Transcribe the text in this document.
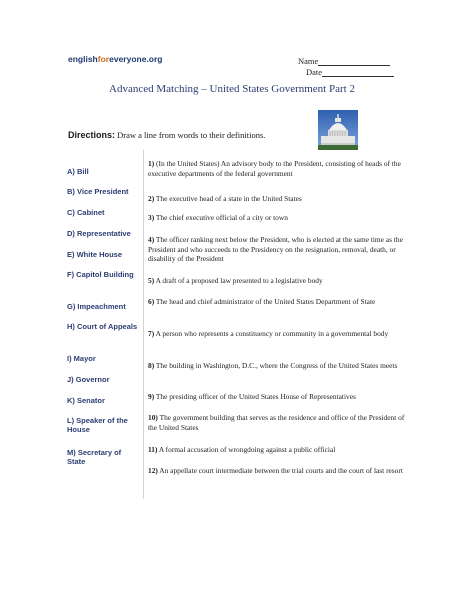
englishforeveryone.org	Name
Date
Advanced Matching – United States Government Part 2
Directions: Draw a line from words to their definitions.
A) Bill
B) Vice President
C) Cabinet
D) Representative
E) White House
F) Capitol Building
G) Impeachment
H) Court of Appeals
I) Mayor
J) Governor
K) Senator
L) Speaker of the House
M) Secretary of State
1) (In the United States) An advisory body to the President, consisting of heads of the executive departments of the federal government
2) The executive head of a state in the United States
3) The chief executive official of a city or town
4) The officer ranking next below the President, who is elected at the same time as the President and who succeeds to the Presidency on the resignation, removal, death, or disability of the President
5) A draft of a proposed law presented to a legislative body
6) The head and chief administrator of the United States Department of State
7) A person who represents a constituency or community in a governmental body
8) The building in Washington, D.C., where the Congress of the United States meets
9) The presiding officer of the United States House of Representatives
10) The government building that serves as the residence and office of the President of the United States
11) A formal accusation of wrongdoing against a public official
12) An appellate court intermediate between the trial courts and the court of last resort
